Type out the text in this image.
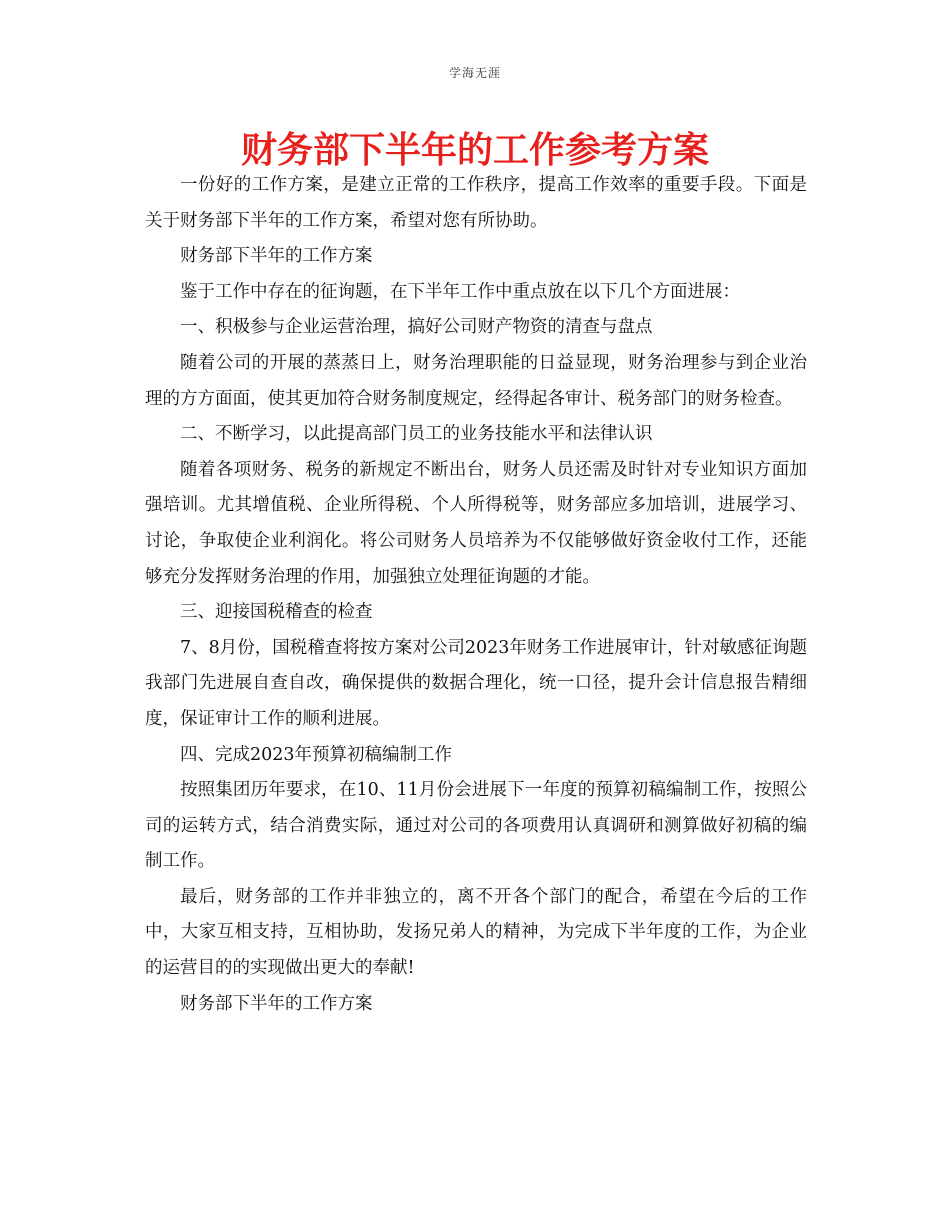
学海无涯
财务部下半年的工作参考方案

一份好的工作方案，是建立正常的工作秩序，提高工作效率的重要手段。下面是关于财务部下半年的工作方案，希望对您有所协助。

财务部下半年的工作方案

鉴于工作中存在的征询题，在下半年工作中重点放在以下几个方面进展：

一、积极参与企业运营治理，搞好公司财产物资的清查与盘点

随着公司的开展的蒸蒸日上，财务治理职能的日益显现，财务治理参与到企业治理的方方面面，使其更加符合财务制度规定，经得起各审计、税务部门的财务检查。

二、不断学习，以此提高部门员工的业务技能水平和法律认识

随着各项财务、税务的新规定不断出台，财务人员还需及时针对专业知识方面加强培训。尤其增值税、企业所得税、个人所得税等，财务部应多加培训，进展学习、讨论，争取使企业利润化。将公司财务人员培养为不仅能够做好资金收付工作，还能够充分发挥财务治理的作用，加强独立处理征询题的才能。

三、迎接国税稽查的检查

7、8月份，国税稽查将按方案对公司2023年财务工作进展审计，针对敏感征询题我部门先进展自查自改，确保提供的数据合理化，统一口径，提升会计信息报告精细度，保证审计工作的顺利进展。

四、完成2023年预算初稿编制工作

按照集团历年要求，在10、11月份会进展下一年度的预算初稿编制工作，按照公司的运转方式，结合消费实际，通过对公司的各项费用认真调研和测算做好初稿的编制工作。

最后，财务部的工作并非独立的，离不开各个部门的配合，希望在今后的工作中，大家互相支持，互相协助，发扬兄弟人的精神，为完成下半年度的工作，为企业的运营目的的实现做出更大的奉献!

财务部下半年的工作方案
